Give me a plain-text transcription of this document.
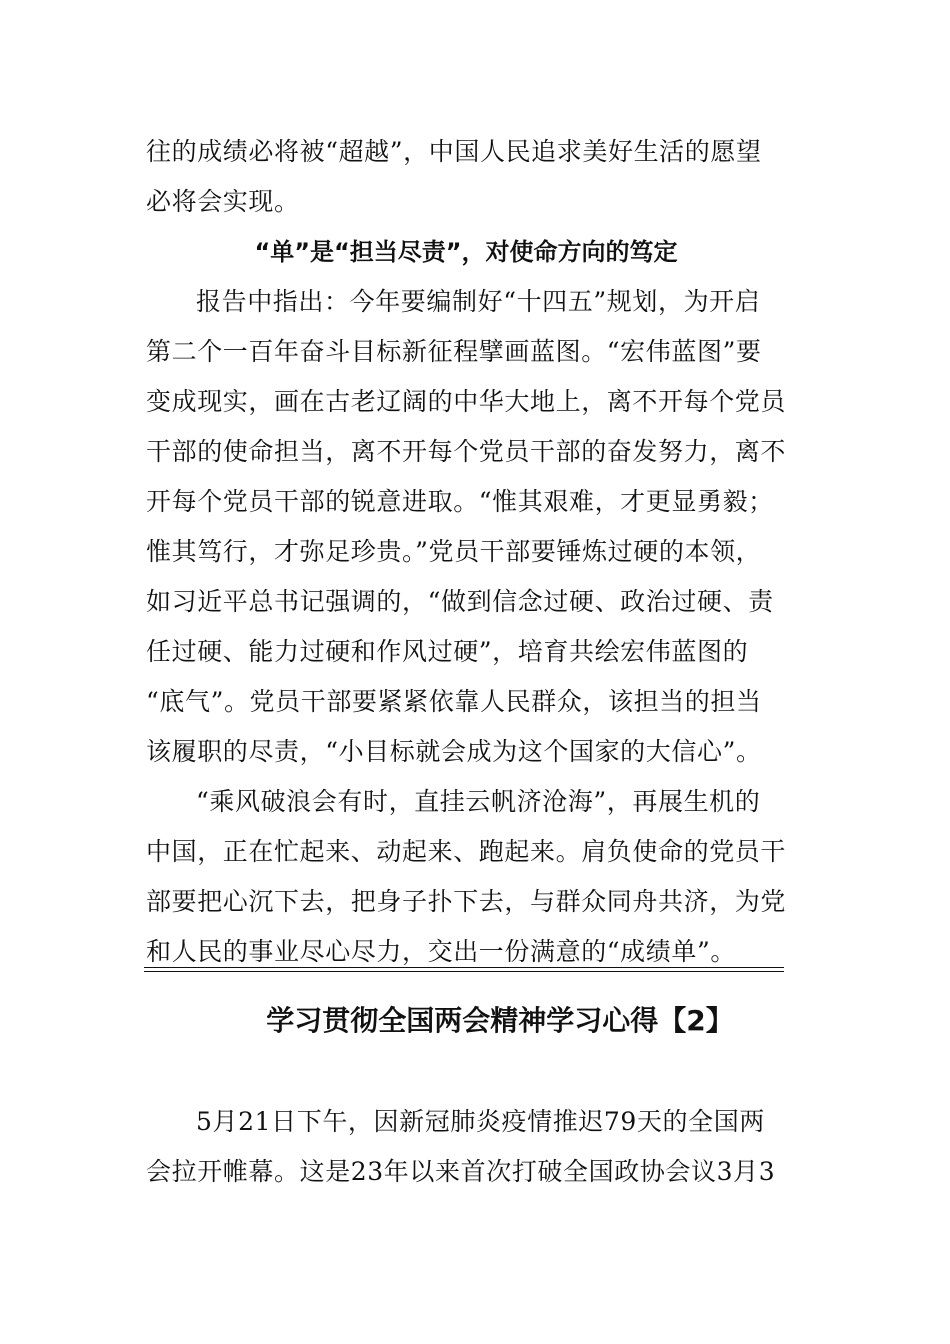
往的成绩必将被“超越”，中国人民追求美好生活的愿望
必将会实现。
“单”是“担当尽责”，对使命方向的笃定
报告中指出：今年要编制好“十四五”规划，为开启
第二个一百年奋斗目标新征程擘画蓝图。“宏伟蓝图”要
变成现实，画在古老辽阔的中华大地上，离不开每个党员
干部的使命担当，离不开每个党员干部的奋发努力，离不
开每个党员干部的锐意进取。“惟其艰难，才更显勇毅；
惟其笃行，才弥足珍贵。”党员干部要锤炼过硬的本领，
如习近平总书记强调的，“做到信念过硬、政治过硬、责
任过硬、能力过硬和作风过硬”，培育共绘宏伟蓝图的
“底气”。党员干部要紧紧依靠人民群众，该担当的担当
该履职的尽责，“小目标就会成为这个国家的大信心”。
“乘风破浪会有时，直挂云帆济沧海”，再展生机的
中国，正在忙起来、动起来、跑起来。肩负使命的党员干
部要把心沉下去，把身子扑下去，与群众同舟共济，为党
和人民的事业尽心尽力，交出一份满意的“成绩单”。
学习贯彻全国两会精神学习心得【2】
5月21日下午，因新冠肺炎疫情推迟79天的全国两
会拉开帷幕。这是23年以来首次打破全国政协会议3月3
